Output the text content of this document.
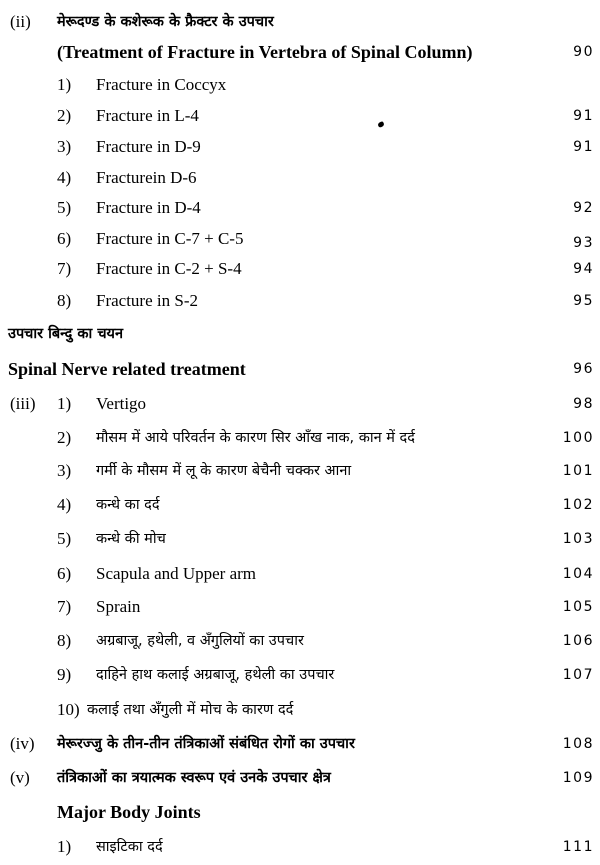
(ii) मेरूदण्ड के कशेरूक के फ्रैक्टर के उपचार
(Treatment of Fracture in Vertebra of Spinal Column)	90
1) Fracture in Coccyx
2) Fracture in L-4	91
3) Fracture in D-9	91
4) Fracturein D-6
5) Fracture in D-4	92
6) Fracture in C-7 + C-5	93
7) Fracture in C-2 + S-4	94
8) Fracture in S-2	95
उपचार बिन्दु का चयन
Spinal Nerve related treatment	96
(iii) 1) Vertigo	98
2) मौसम में आये परिवर्तन के कारण सिर आँख नाक, कान में दर्द	100
3) गर्मी के मौसम में लू के कारण बेचैनी चक्कर आना	101
4) कन्धे का दर्द	102
5) कन्धे की मोच	103
6) Scapula and Upper arm	104
7) Sprain	105
8) अग्रबाजू, हथेली, व अँगुलियों का उपचार	106
9) दाहिने हाथ कलाई अग्रबाजू, हथेली का उपचार	107
10) कलाई तथा अँगुली में मोच के कारण दर्द
(iv) मेरूरज्जु के तीन-तीन तंत्रिकाओं संबंधित रोगों का उपचार	108
(v) तंत्रिकाओं का त्रयात्मक स्वरूप एवं उनके उपचार क्षेत्र	109
Major Body Joints
1) साइटिका दर्द	111
